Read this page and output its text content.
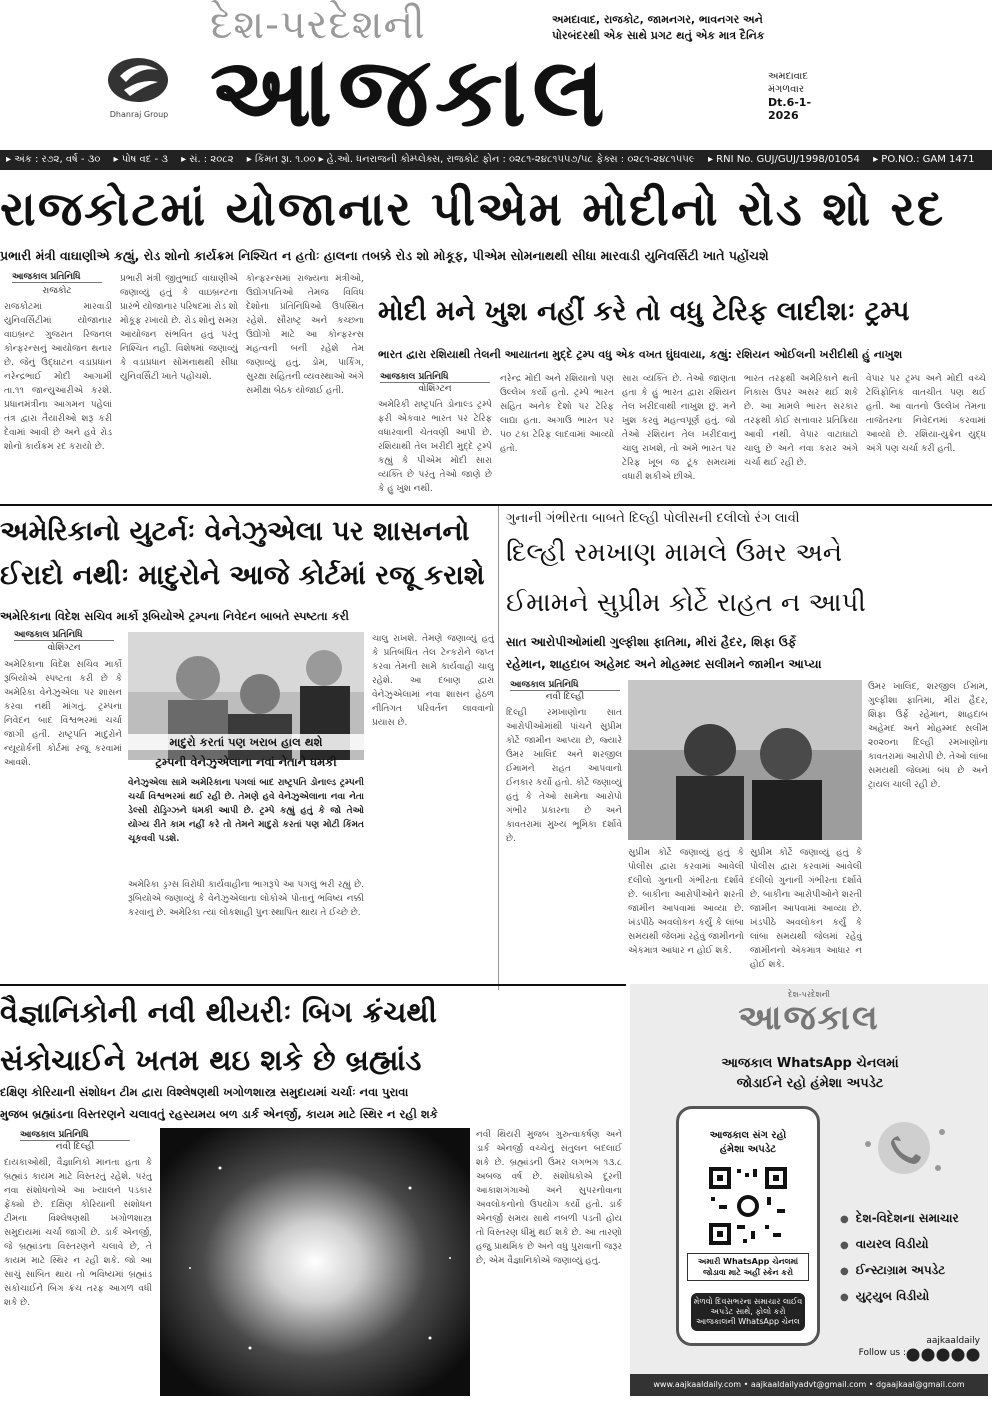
Dhanraj Group
દેશ-પરદેશની
આજકાલ
અમદાવાદ, રાજકોટ, જામનગર, ભાવનગર અને પોરબંદરથી એક સાથે પ્રગટ થતું એક માત્ર દૈનિક
અમદાવાદ
મંગળવાર
Dt.6-1-2026
▸ અંક : ર૭૨, વર્ષ - ૩૦ ▸ પોષ વદ - ૩ ▸ સં. : ૨૦૮૨ ▸ કિંમત રૂા. ૧.૦૦ ▸ હે.ઓ. ધનરાજની કોમ્પ્લેક્સ, રાજકોટ ફોન : ૦૨૮૧-૨૪૮૧૫૫૭/૫૮ ફેક્સ : ૦૨૮૧-૨૪૮૧૫૫૯ ▸ RNI No. GUJ/GUJ/1998/01054 ▸ PO.NO.: GAM 1471
રાજકોટમાં યોજાનાર પીએમ મોદીનો રોડ શો રદ
પ્રભારી મંત્રી વાઘાણીએ કહ્યું, રોડ શોનો કાર્યક્રમ નિશ્ચિત ન હતોઃ હાલના તબક્કે રોડ શો મોકૂફ, પીએમ સોમનાથથી સીધા મારવાડી યુનિવર્સિટી ખાતે પહોંચશે
આજકાલ પ્રતિનિધિ
રાજકોટ
રાજકોટમાં મારવાડી યુનિવર્સિટીમાં યોજાનાર વાઇબ્રન્ટ ગુજરાત રિજનલ કોન્ફરન્સનું આયોજન થનાર છે. જેનું ઉદ્ઘાટન વડાપ્રધાન નરેન્દ્રભાઈ મોદી આગામી તા.૧૧ જાન્યુઆરીએ કરશે. પ્રધાનમંત્રીના આગમન પહેલાં તંત્ર દ્વારા તૈયારીઓ શરૂ કરી દેવામાં આવી છે અને હવે રોડ શોનો કાર્યક્રમ રદ કરાયો છે.
પ્રભારી મંત્રી જીતુભાઈ વાઘાણીએ જણાવ્યું હતું કે વાઇબ્રન્ટના પ્રારંભે યોજાનાર પરિષદમાં રોડ શો મોકૂફ રખાયો છે. રોડ શોનું સમગ્ર આયોજન સંભવિત હતું પરંતુ નિશ્ચિત નહીં. વિશેષમાં જણાવ્યું કે વડાપ્રધાન સોમનાથથી સીધા યુનિવર્સિટી ખાતે પહોંચશે.
કોન્ફરન્સમાં રાજ્યના મંત્રીઓ, ઉદ્યોગપતિઓ તેમજ વિવિધ દેશોના પ્રતિનિધિઓ ઉપસ્થિત રહેશે. સૌરાષ્ટ્ર અને કચ્છના ઉદ્યોગો માટે આ કોન્ફરન્સ મહત્વની બની રહેશે તેમ જણાવ્યું હતું. ડોમ, પાર્કિંગ, સુરક્ષા સહિતની વ્યવસ્થાઓ અંગે સમીક્ષા બેઠક યોજાઈ હતી.
મોદી મને ખુશ નહીં કરે તો વધુ ટેરિફ લાદીશઃ ટ્રમ્પ
ભારત દ્વારા રશિયાથી તેલની આયાતના મુદ્દે ટ્રમ્પ વધુ એક વખત ઘુંઘવાયા, કહ્યું: રશિયન ઓઈલની ખરીદીથી હું નાખુશ
આજકાલ પ્રતિનિધિ
વોશિંગ્ટન
અમેરિકી રાષ્ટ્રપતિ ડોનાલ્ડ ટ્રમ્પે ફરી એકવાર ભારત પર ટેરિફ વધારવાની ચેતવણી આપી છે. રશિયાથી તેલ ખરીદી મુદ્દે ટ્રમ્પે કહ્યું કે પીએમ મોદી સારા વ્યક્તિ છે પરંતુ તેઓ જાણે છે કે હું ખુશ નથી.
નરેન્દ્ર મોદી અને રશિયાનો પણ ઉલ્લેખ કર્યો હતો. ટ્રમ્પે ભારત સહિત અનેક દેશો પર ટેરિફ લાદ્યા હતા. અગાઉ ભારત પર ૫૦ ટકા ટેરિફ લાદવામાં આવ્યો હતો.
સારા વ્યક્તિ છે. તેઓ જાણતા હતા કે હું ભારત દ્વારા રશિયન તેલ ખરીદવાથી નાખુશ છું. મને ખુશ કરવું મહત્વપૂર્ણ હતું. જો તેઓ રશિયન તેલ ખરીદવાનું ચાલુ રાખશે, તો અમે ભારત પર ટેરિફ ખૂબ જ ટૂંક સમયમાં વધારી શકીએ છીએ.
ભારત તરફથી અમેરિકાને થતી નિકાસ ઉપર અસર થઈ શકે છે. આ મામલે ભારત સરકાર તરફથી કોઈ સત્તાવાર પ્રતિક્રિયા આવી નથી. વેપાર વાટાઘાટો ચાલુ છે અને નવા કરાર અંગે ચર્ચા થઈ રહી છે.
વેપાર પર ટ્રમ્પ અને મોદી વચ્ચે ટેલિફોનિક વાતચીત પણ થઈ હતી. આ વાતનો ઉલ્લેખ તેમના તાજેતરના નિવેદનમાં કરવામાં આવ્યો છે. રશિયા-યુક્રેન યુદ્ધ અંગે પણ ચર્ચા કરી હતી.
અમેરિકાનો યુટર્નઃ વેનેઝુએલા પર શાસનનો
ઈરાદો નથીઃ માદુરોને આજે કોર્ટમાં રજૂ કરાશે
અમેરિકાના વિદેશ સચિવ માર્કો રૂબિયોએ ટ્રમ્પના નિવેદન બાબતે સ્પષ્ટતા કરી
આજકાલ પ્રતિનિધિ
વોશિંગ્ટન
અમેરિકાના વિદેશ સચિવ માર્કો રૂબિયોએ સ્પષ્ટતા કરી છે કે અમેરિકા વેનેઝુએલા પર શાસન કરવા નથી માંગતું. ટ્રમ્પના નિવેદન બાદ વિશ્વભરમાં ચર્ચા જાગી હતી. રાષ્ટ્રપતિ માદુરોને ન્યૂયોર્કની કોર્ટમાં રજૂ કરવામાં આવશે.
માદુરો કરતાં પણ ખરાબ હાલ થશે
ટ્રમ્પની વેનેઝુએલાના નવાં નેતાને ધમકી
વેનેઝુએલા સામે અમેરિકાના પગલાં બાદ રાષ્ટ્રપતિ ડોનાલ્ડ ટ્રમ્પની ચર્ચા વિશ્વભરમાં થઈ રહી છે. તેમણે હવે વેનેઝુએલાના નવા નેતા ડેલ્સી રોડ્રિગ્ઝને ધમકી આપી છે. ટ્રમ્પે કહ્યું હતું કે જો તેઓ યોગ્ય રીતે કામ નહીં કરે તો તેમને માદુરો કરતાં પણ મોટી કિંમત ચૂકવવી પડશે.
અમેરિકા ડ્રગ્સ વિરોધી કાર્યવાહીના ભાગરૂપે આ પગલું ભરી રહ્યું છે. રૂબિયોએ જણાવ્યું કે વેનેઝુએલાના લોકોએ પોતાનું ભવિષ્ય નક્કી કરવાનું છે. અમેરિકા ત્યાં લોકશાહી પુનઃસ્થાપિત થાય તે ઈચ્છે છે.
ચાલુ રાખશે. તેમણે જણાવ્યું હતું કે પ્રતિબંધિત તેલ ટેન્કરોને જપ્ત કરવા તેમની સામે કાર્યવાહી ચાલુ રહેશે. આ દબાણ દ્વારા વેનેઝુએલામાં નવા શાસન હેઠળ નીતિગત પરિવર્તન લાવવાનો પ્રયાસ છે.
ગુનાની ગંભીરતા બાબતે દિલ્હી પોલીસની દલીલો રંગ લાવી
દિલ્હી રમખાણ મામલે ઉમર અને
ઈમામને સુપ્રીમ કોર્ટે રાહત ન આપી
સાત આરોપીઓમાંથી ગુલ્ફીશા ફાતિમા, મીરાં હૈદર, શિફા ઉર્ફે
રહેમાન, શાહદાબ અહેમદ અને મોહમ્મદ સલીમને જામીન આપ્યા
આજકાલ પ્રતિનિધિ
નવી દિલ્હી
દિલ્હી રમખાણોના સાત આરોપીઓમાંથી પાંચને સુપ્રીમ કોર્ટે જામીન આપ્યા છે, જ્યારે ઉમર ખાલિદ અને શરજીલ ઈમામને રાહત આપવાનો ઈનકાર કર્યો હતો. કોર્ટે જણાવ્યું હતું કે તેઓ સામેના આરોપો ગંભીર પ્રકારના છે અને કાવતરામાં મુખ્ય ભૂમિકા દર્શાવે છે.
સુપ્રીમ કોર્ટે જણાવ્યું હતું કે પોલીસ દ્વારા કરવામાં આવેલી દલીલો ગુનાની ગંભીરતા દર્શાવે છે. બાકીના આરોપીઓને શરતી જામીન આપવામાં આવ્યા છે. ખંડપીઠે અવલોકન કર્યું કે લાંબા સમયથી જેલમાં રહેવું જામીનનો એકમાત્ર આધાર ન હોઈ શકે.
સુપ્રીમ કોર્ટે જણાવ્યું હતું કે પોલીસ દ્વારા કરવામાં આવેલી દલીલો ગુનાની ગંભીરતા દર્શાવે છે. બાકીના આરોપીઓને શરતી જામીન આપવામાં આવ્યા છે. ખંડપીઠે અવલોકન કર્યું કે લાંબા સમયથી જેલમાં રહેવું જામીનનો એકમાત્ર આધાર ન હોઈ શકે.
ઉમર ખાલિદ, શરજીલ ઈમામ, ગુલ્ફીશા ફાતિમા, મીરાં હૈદર, શિફા ઉર્ફે રહેમાન, શાહદાબ અહેમદ અને મોહમ્મદ સલીમ ૨૦૨૦ના દિલ્હી રમખાણોના કાવતરામાં આરોપી છે. તેઓ લાંબા સમયથી જેલમાં બંધ છે અને ટ્રાયલ ચાલી રહી છે.
વૈજ્ઞાનિકોની નવી થીયરીઃ બિગ ક્રંચથી
સંકોચાઈને ખતમ થઇ શકે છે બ્રહ્માંડ
દક્ષિણ કોરિયાની સંશોધન ટીમ દ્વારા વિશ્લેષણથી ખગોળશાસ્ત્ર સમુદાયમાં ચર્ચાઃ નવા પુરાવા
મુજબ બ્રહ્માંડના વિસ્તરણને ચલાવતું રહસ્યમય બળ ડાર્ક એનર્જી, કાયમ માટે સ્થિર ન રહી શકે
આજકાલ પ્રતિનિધિ
નવી દિલ્હી
દાયકાઓથી, વૈજ્ઞાનિકો માનતા હતા કે બ્રહ્માંડ કાયમ માટે વિસ્તરતું રહેશે. પરંતુ નવા સંશોધનોએ આ ખ્યાલને પડકાર ફેંક્યો છે. દક્ષિણ કોરિયાની સંશોધન ટીમના વિશ્લેષણથી ખગોળશાસ્ત્ર સમુદાયમાં ચર્ચા જાગી છે. ડાર્ક એનર્જી, જે બ્રહ્માંડના વિસ્તરણને ચલાવે છે, તે કાયમ માટે સ્થિર ન રહી શકે. જો આ સાચું સાબિત થાય તો ભવિષ્યમાં બ્રહ્માંડ સંકોચાઈને બિગ ક્રંચ તરફ આગળ વધી શકે છે.
નવી થિયરી મુજબ ગુરુત્વાકર્ષણ અને ડાર્ક એનર્જી વચ્ચેનું સંતુલન બદલાઈ શકે છે. બ્રહ્માંડની ઉંમર લગભગ ૧૩.૮ અબજ વર્ષ છે. સંશોધકોએ દૂરની આકાશગંગાઓ અને સુપરનોવાના અવલોકનોનો ઉપયોગ કર્યો હતો. ડાર્ક એનર્જી સમય સાથે નબળી પડતી હોય તો વિસ્તરણ ધીમું થઈ શકે છે. આ તારણો હજુ પ્રાથમિક છે અને વધુ પુરાવાની જરૂર છે, એમ વૈજ્ઞાનિકોએ જણાવ્યું હતું.
દેશ-પરદેશની
આજકાલ
આજકાલ WhatsApp ચેનલમાં
જોડાઈને રહો હંમેશા અપડેટ
આજકાલ સંગ રહો
હંમેશા અપડેટ
અમારી WhatsApp ચેનલમાં જોડાવા માટે અહીં સ્કેન કરો
મેળવો દિવસભરના સમાચાર લાઈવ અપડેટ સાથે, ફોલો કરો આજકાલની WhatsApp ચેનલ
● દેશ-વિદેશના સમાચાર
● વાયરલ વિડીયો
● ઈન્સ્ટાગ્રામ અપડેટ
● યુટ્યુબ વિડીયો
aajkaaldaily
Follow us :
www.aajkaaldaily.com • aajkaaldailyadvt@gmail.com • dgaajkaal@gmail.com
